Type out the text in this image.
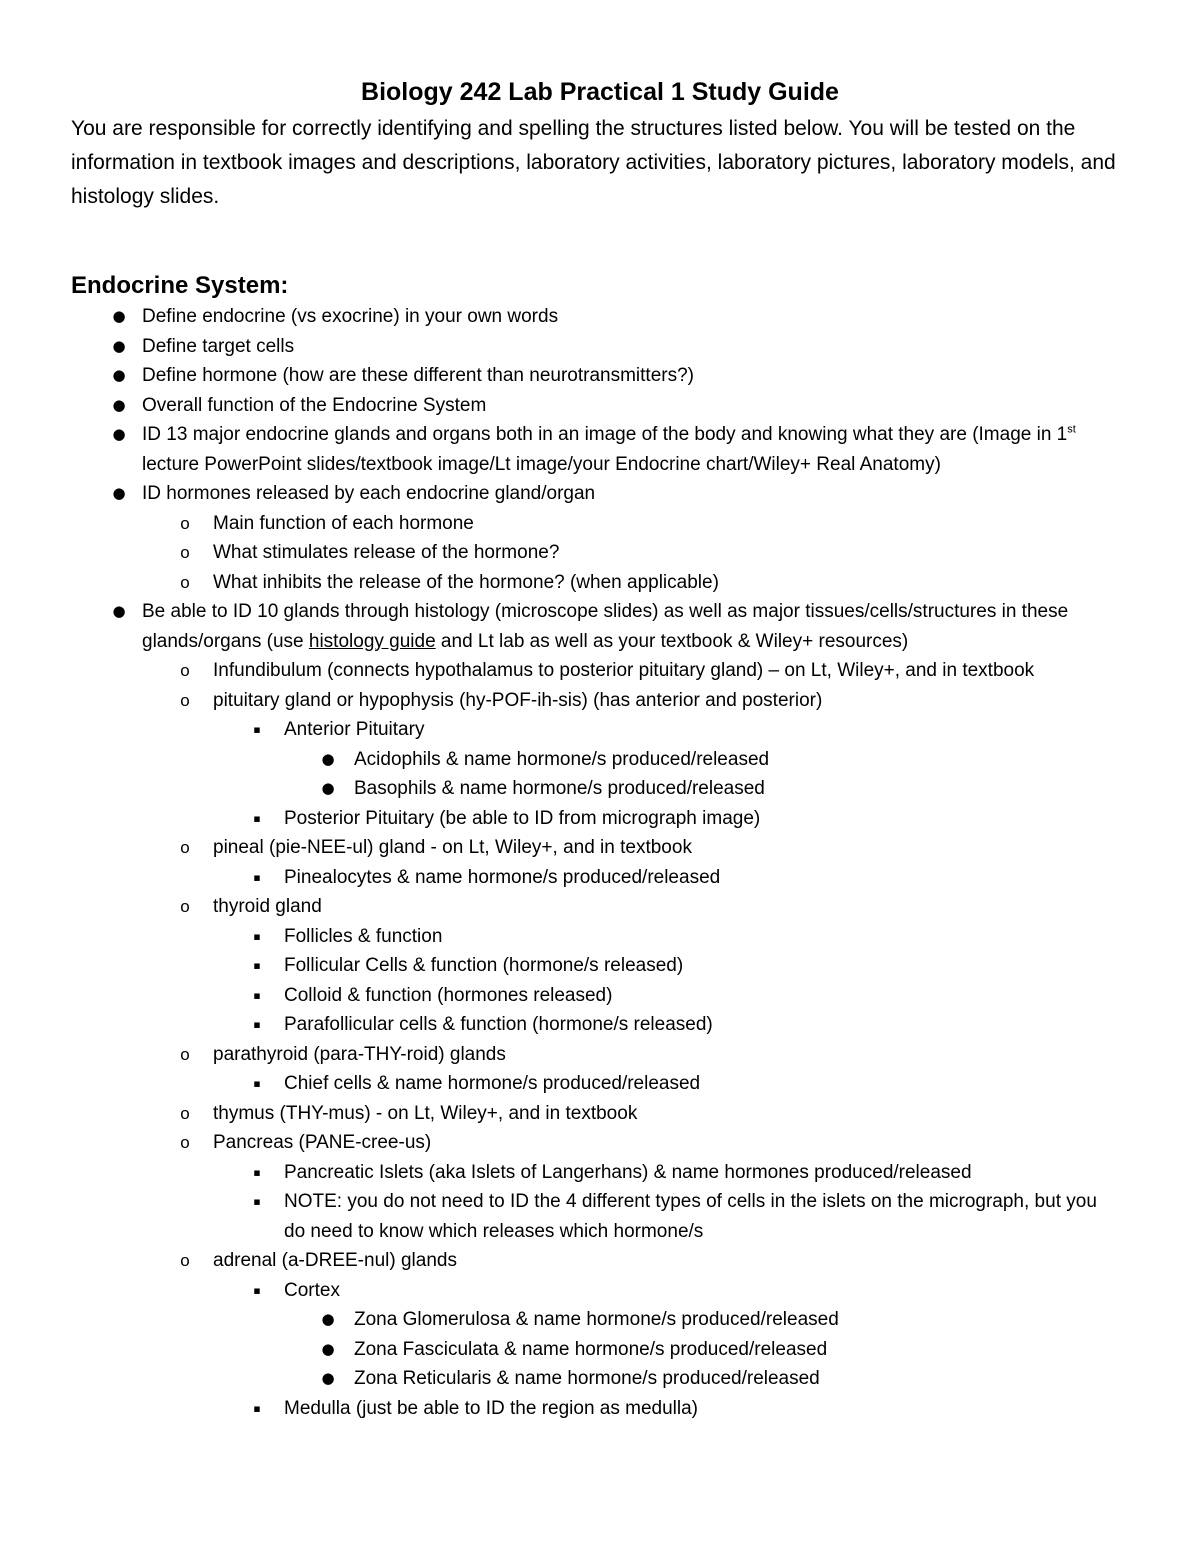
Biology 242 Lab Practical 1 Study Guide
You are responsible for correctly identifying and spelling the structures listed below. You will be tested on the information in textbook images and descriptions, laboratory activities, laboratory pictures, laboratory models, and histology slides.
Endocrine System:
● Define endocrine (vs exocrine) in your own words
● Define target cells
● Define hormone (how are these different than neurotransmitters?)
● Overall function of the Endocrine System
● ID 13 major endocrine glands and organs both in an image of the body and knowing what they are (Image in 1st lecture PowerPoint slides/textbook image/Lt image/your Endocrine chart/Wiley+ Real Anatomy)
● ID hormones released by each endocrine gland/organ
o Main function of each hormone
o What stimulates release of the hormone?
o What inhibits the release of the hormone? (when applicable)
● Be able to ID 10 glands through histology (microscope slides) as well as major tissues/cells/structures in these glands/organs (use histology guide and Lt lab as well as your textbook & Wiley+ resources)
o Infundibulum (connects hypothalamus to posterior pituitary gland) – on Lt, Wiley+, and in textbook
o pituitary gland or hypophysis (hy-POF-ih-sis) (has anterior and posterior)
▪	Anterior Pituitary
● Acidophils & name hormone/s produced/released
● Basophils & name hormone/s produced/released
▪	Posterior Pituitary (be able to ID from micrograph image)
o pineal (pie-NEE-ul) gland - on Lt, Wiley+, and in textbook
▪	Pinealocytes & name hormone/s produced/released
o thyroid gland
▪	Follicles & function
▪	Follicular Cells & function (hormone/s released)
▪	Colloid & function (hormones released)
▪	Parafollicular cells & function (hormone/s released)
o parathyroid (para-THY-roid) glands
▪	Chief cells & name hormone/s produced/released
o thymus (THY-mus) - on Lt, Wiley+, and in textbook
o Pancreas (PANE-cree-us)
▪	Pancreatic Islets (aka Islets of Langerhans) & name hormones produced/released
▪	NOTE: you do not need to ID the 4 different types of cells in the islets on the micrograph, but you do need to know which releases which hormone/s
o adrenal (a-DREE-nul) glands
▪	Cortex
● Zona Glomerulosa & name hormone/s produced/released
● Zona Fasciculata & name hormone/s produced/released
● Zona Reticularis & name hormone/s produced/released
▪	Medulla (just be able to ID the region as medulla)
